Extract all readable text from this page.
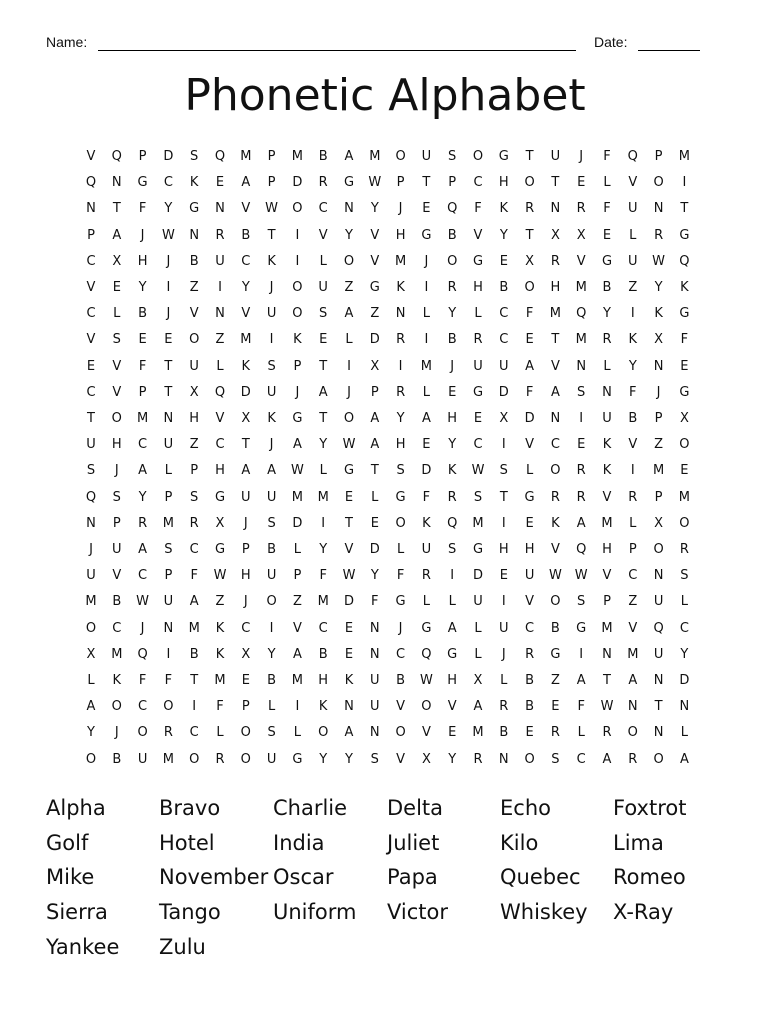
Name:	Date:
Phonetic Alphabet
V	Q	P	D	S	Q	M	P	M	B	A	M	O	U	S	O	G	T	U	J	F	Q	P	M
Q	N	G	C	K	E	A	P	D	R	G	W	P	T	P	C	H	O	T	E	L	V	O	I
N	T	F	Y	G	N	V	W	O	C	N	Y	J	E	Q	F	K	R	N	R	F	U	N	T
P	A	J	W	N	R	B	T	I	V	Y	V	H	G	B	V	Y	T	X	X	E	L	R	G
C	X	H	J	B	U	C	K	I	L	O	V	M	J	O	G	E	X	R	V	G	U	W	Q
V	E	Y	I	Z	I	Y	J	O	U	Z	G	K	I	R	H	B	O	H	M	B	Z	Y	K
C	L	B	J	V	N	V	U	O	S	A	Z	N	L	Y	L	C	F	M	Q	Y	I	K	G
V	S	E	E	O	Z	M	I	K	E	L	D	R	I	B	R	C	E	T	M	R	K	X	F
E	V	F	T	U	L	K	S	P	T	I	X	I	M	J	U	U	A	V	N	L	Y	N	E
C	V	P	T	X	Q	D	U	J	A	J	P	R	L	E	G	D	F	A	S	N	F	J	G
T	O	M	N	H	V	X	K	G	T	O	A	Y	A	H	E	X	D	N	I	U	B	P	X
U	H	C	U	Z	C	T	J	A	Y	W	A	H	E	Y	C	I	V	C	E	K	V	Z	O
S	J	A	L	P	H	A	A	W	L	G	T	S	D	K	W	S	L	O	R	K	I	M	E
Q	S	Y	P	S	G	U	U	M	M	E	L	G	F	R	S	T	G	R	R	V	R	P	M
N	P	R	M	R	X	J	S	D	I	T	E	O	K	Q	M	I	E	K	A	M	L	X	O
J	U	A	S	C	G	P	B	L	Y	V	D	L	U	S	G	H	H	V	Q	H	P	O	R
U	V	C	P	F	W	H	U	P	F	W	Y	F	R	I	D	E	U	W W	V	C	N	S
M	B	W	U	A	Z	J	O	Z	M	D	F	G	L	L	U	I	V	O	S	P	Z	U	L
O	C	J	N	M	K	C	I	V	C	E	N	J	G	A	L	U	C	B	G	M	V	Q	C
X	M	Q	I	B	K	X	Y	A	B	E	N	C	Q	G	L	J	R	G	I	N	M	U	Y
L	K	F	F	T	M	E	B	M	H	K	U	B	W	H	X	L	B	Z	A	T	A	N	D
A	O	C	O	I	F	P	L	I	K	N	U	V	O	V	A	R	B	E	F	W	N	T	N
Y	J	O	R	C	L	O	S	L	O	A	N	O	V	E	M	B	E	R	L	R	O	N	L
O	B	U	M	O	R	O	U	G	Y	Y	S	V	X	Y	R	N	O	S	C	A	R	O	A
Alpha	Bravo	Charlie Delta	Echo	Foxtrot
Golf	Hotel	India	Juliet	Kilo	Lima
Mike	November Oscar	Papa	Quebec Romeo
Sierra Tango Uniform Victor Whiskey X-Ray
Yankee Zulu
